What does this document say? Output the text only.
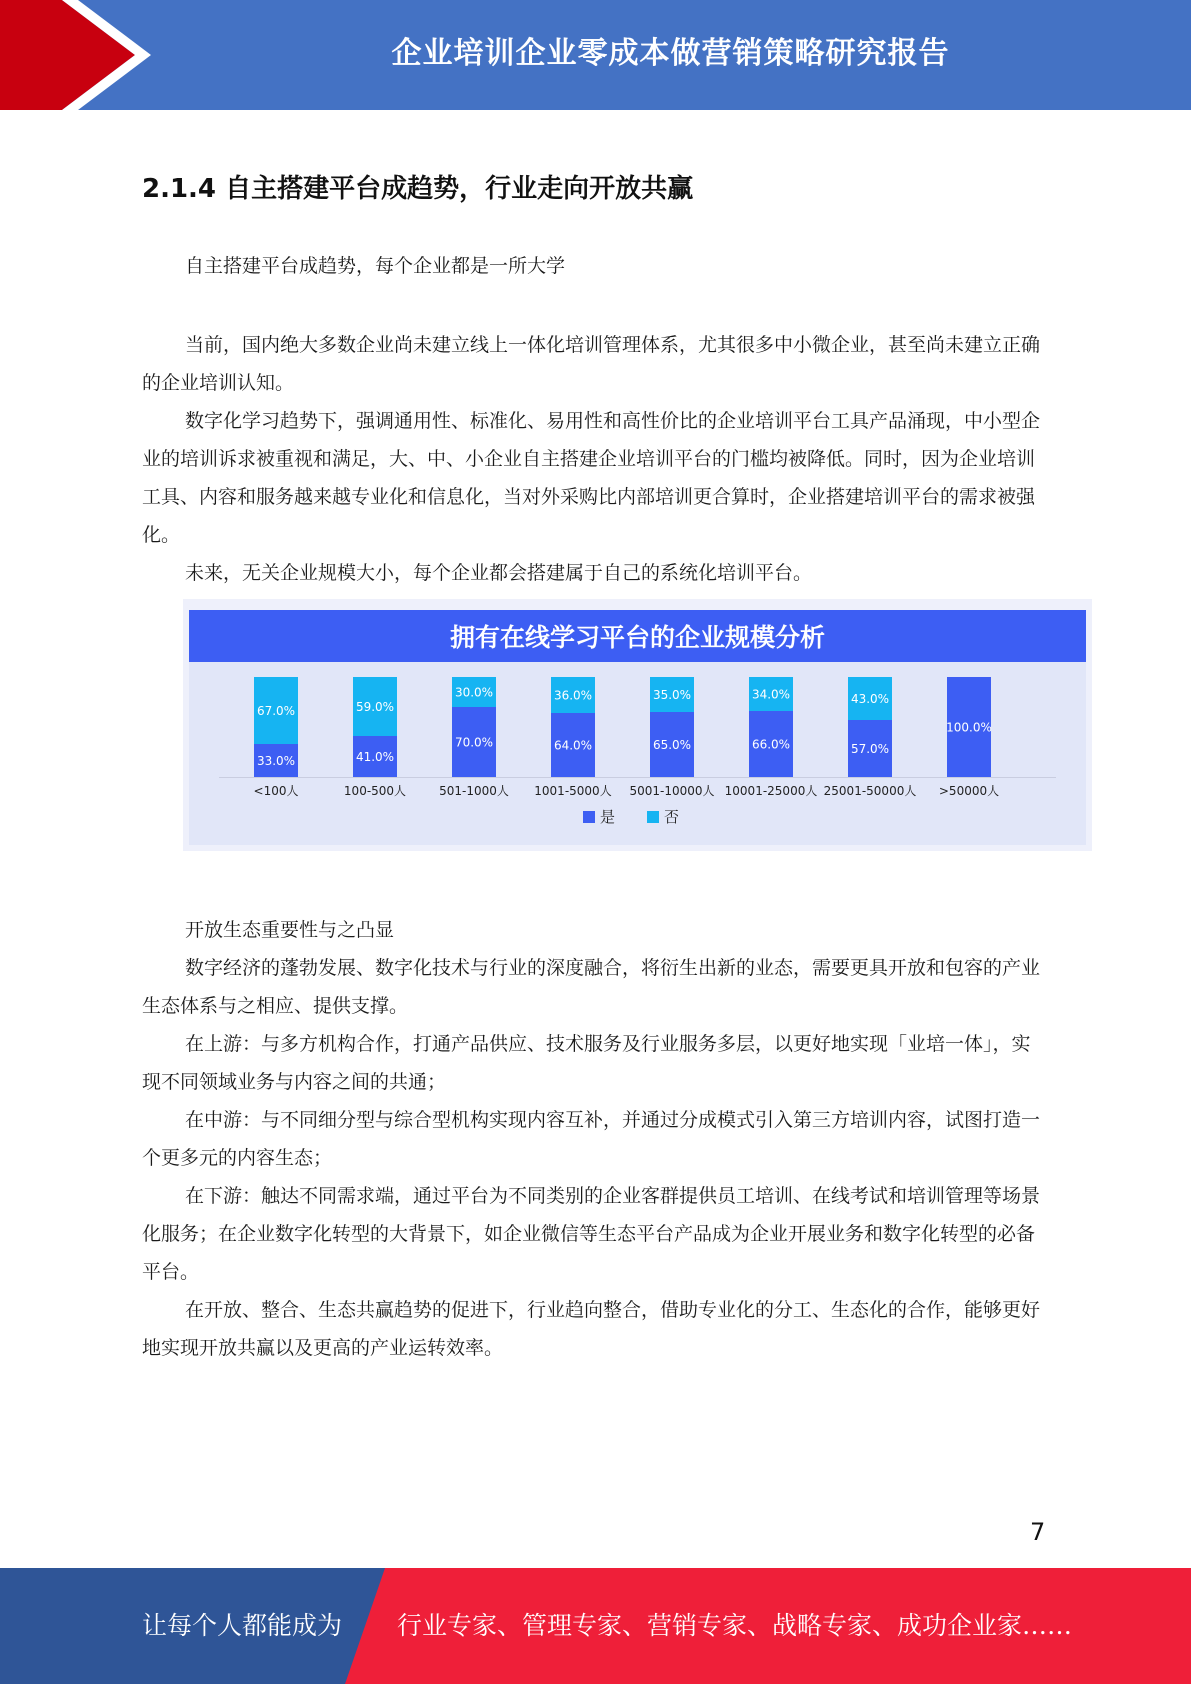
企业培训企业零成本做营销策略研究报告
2.1.4 自主搭建平台成趋势，行业走向开放共赢

自主搭建平台成趋势，每个企业都是一所大学

当前，国内绝大多数企业尚未建立线上一体化培训管理体系，尤其很多中小微企业，甚至尚未建立正确的企业培训认知。

数字化学习趋势下，强调通用性、标准化、易用性和高性价比的企业培训平台工具产品涌现，中小型企业的培训诉求被重视和满足，大、中、小企业自主搭建企业培训平台的门槛均被降低。同时，因为企业培训工具、内容和服务越来越专业化和信息化，当对外采购比内部培训更合算时，企业搭建培训平台的需求被强化。

未来，无关企业规模大小，每个企业都会搭建属于自己的系统化培训平台。

拥有在线学习平台的企业规模分析
33.0%
67.0%
<100人
41.0%
59.0%
100-500人
70.0%
30.0%
501-1000人
64.0%
36.0%
1001-5000人
65.0%
35.0%
5001-10000人
66.0%
34.0%
10001-25000人
57.0%
43.0%
25001-50000人
100.0%
>50000人
是	否

开放生态重要性与之凸显

数字经济的蓬勃发展、数字化技术与行业的深度融合，将衍生出新的业态，需要更具开放和包容的产业生态体系与之相应、提供支撑。

在上游：与多方机构合作，打通产品供应、技术服务及行业服务多层，以更好地实现「业培一体」，实现不同领域业务与内容之间的共通；

在中游：与不同细分型与综合型机构实现内容互补，并通过分成模式引入第三方培训内容，试图打造一个更多元的内容生态；

在下游：触达不同需求端，通过平台为不同类别的企业客群提供员工培训、在线考试和培训管理等场景化服务；在企业数字化转型的大背景下，如企业微信等生态平台产品成为企业开展业务和数字化转型的必备平台。

在开放、整合、生态共赢趋势的促进下，行业趋向整合，借助专业化的分工、生态化的合作，能够更好地实现开放共赢以及更高的产业运转效率。

7
让每个人都能成为 行业专家、管理专家、营销专家、战略专家、成功企业家……
